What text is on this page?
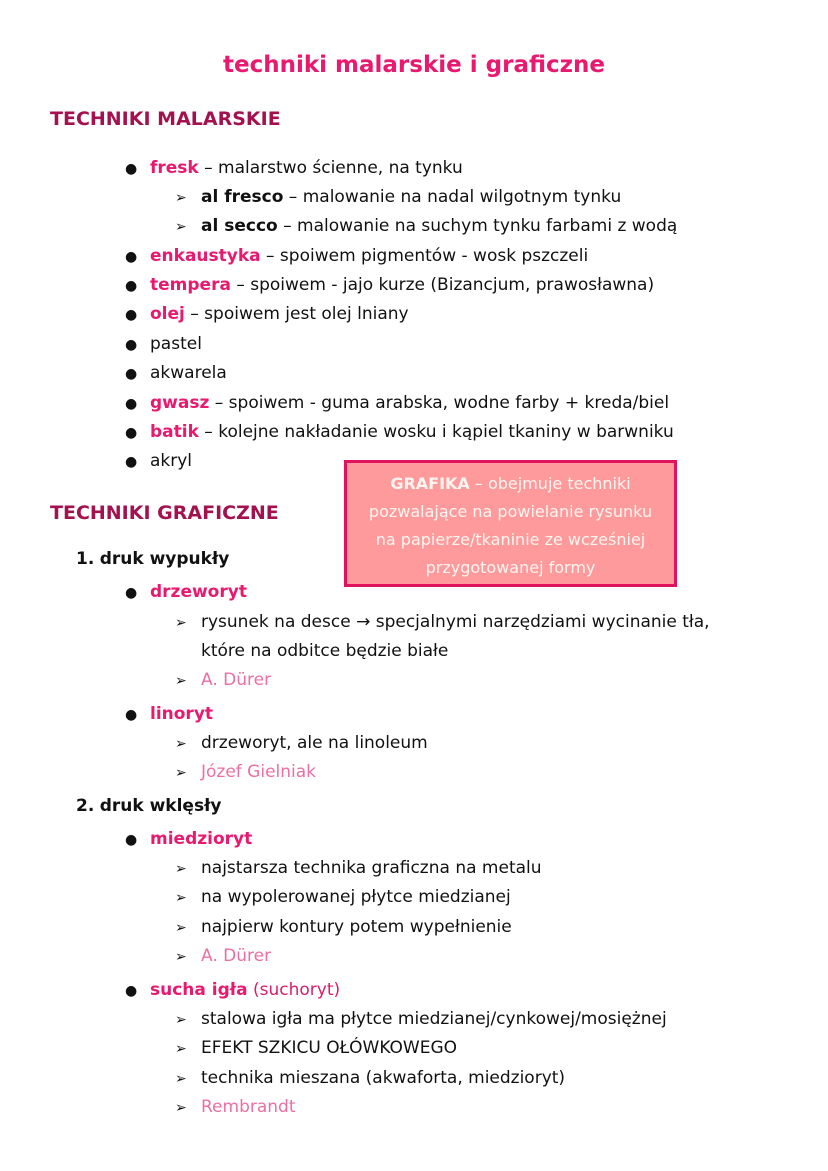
techniki malarskie i graficzne
TECHNIKI MALARSKIE
● fresk – malarstwo ścienne, na tynku
➢ al fresco – malowanie na nadal wilgotnym tynku
➢ al secco – malowanie na suchym tynku farbami z wodą
● enkaustyka – spoiwem pigmentów - wosk pszczeli
● tempera – spoiwem - jajo kurze (Bizancjum, prawosławna)
● olej – spoiwem jest olej lniany
● pastel
● akwarela
● gwasz – spoiwem - guma arabska, wodne farby + kreda/biel
● batik – kolejne nakładanie wosku i kąpiel tkaniny w barwniku
● akryl
GRAFIKA – obejmuje techniki
pozwalające na powielanie rysunku
na papierze/tkaninie ze wcześniej
przygotowanej formy
TECHNIKI GRAFICZNE
1. druk wypukły
● drzeworyt
➢ rysunek na desce → specjalnymi narzędziami wycinanie tła,
które na odbitce będzie białe
➢ A. Dürer
● linoryt
➢ drzeworyt, ale na linoleum
➢ Józef Gielniak
2. druk wklęsły
● miedzioryt
➢ najstarsza technika graficzna na metalu
➢ na wypolerowanej płytce miedzianej
➢ najpierw kontury potem wypełnienie
➢ A. Dürer
● sucha igła (suchoryt)
➢ stalowa igła ma płytce miedzianej/cynkowej/mosiężnej
➢ EFEKT SZKICU OŁÓWKOWEGO
➢ technika mieszana (akwaforta, miedzioryt)
➢ Rembrandt
